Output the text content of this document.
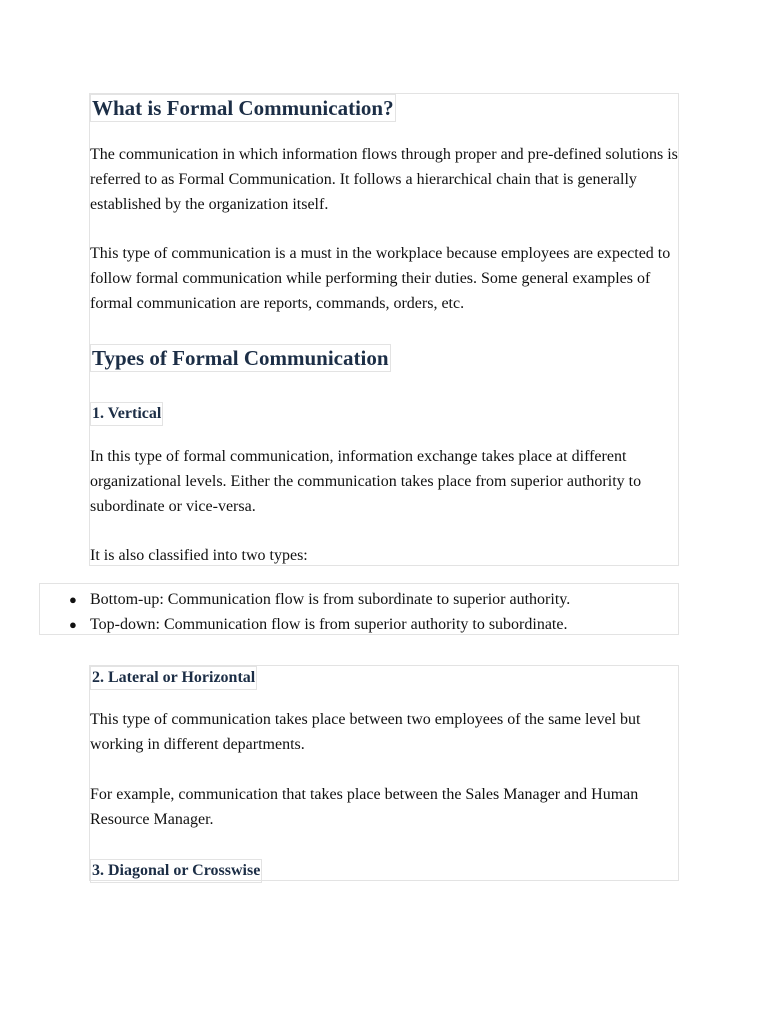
What is Formal Communication?

The communication in which information flows through proper and pre-defined solutions is referred to as Formal Communication. It follows a hierarchical chain that is generally established by the organization itself.

This type of communication is a must in the workplace because employees are expected to follow formal communication while performing their duties. Some general examples of formal communication are reports, commands, orders, etc.

Types of Formal Communication
1. Vertical

In this type of formal communication, information exchange takes place at different organizational levels. Either the communication takes place from superior authority to subordinate or vice-versa.

It is also classified into two types:

● Bottom-up: Communication flow is from subordinate to superior authority.
● Top-down: Communication flow is from superior authority to subordinate.
2. Lateral or Horizontal

This type of communication takes place between two employees of the same level but working in different departments.

For example, communication that takes place between the Sales Manager and Human Resource Manager.

3. Diagonal or Crosswise
